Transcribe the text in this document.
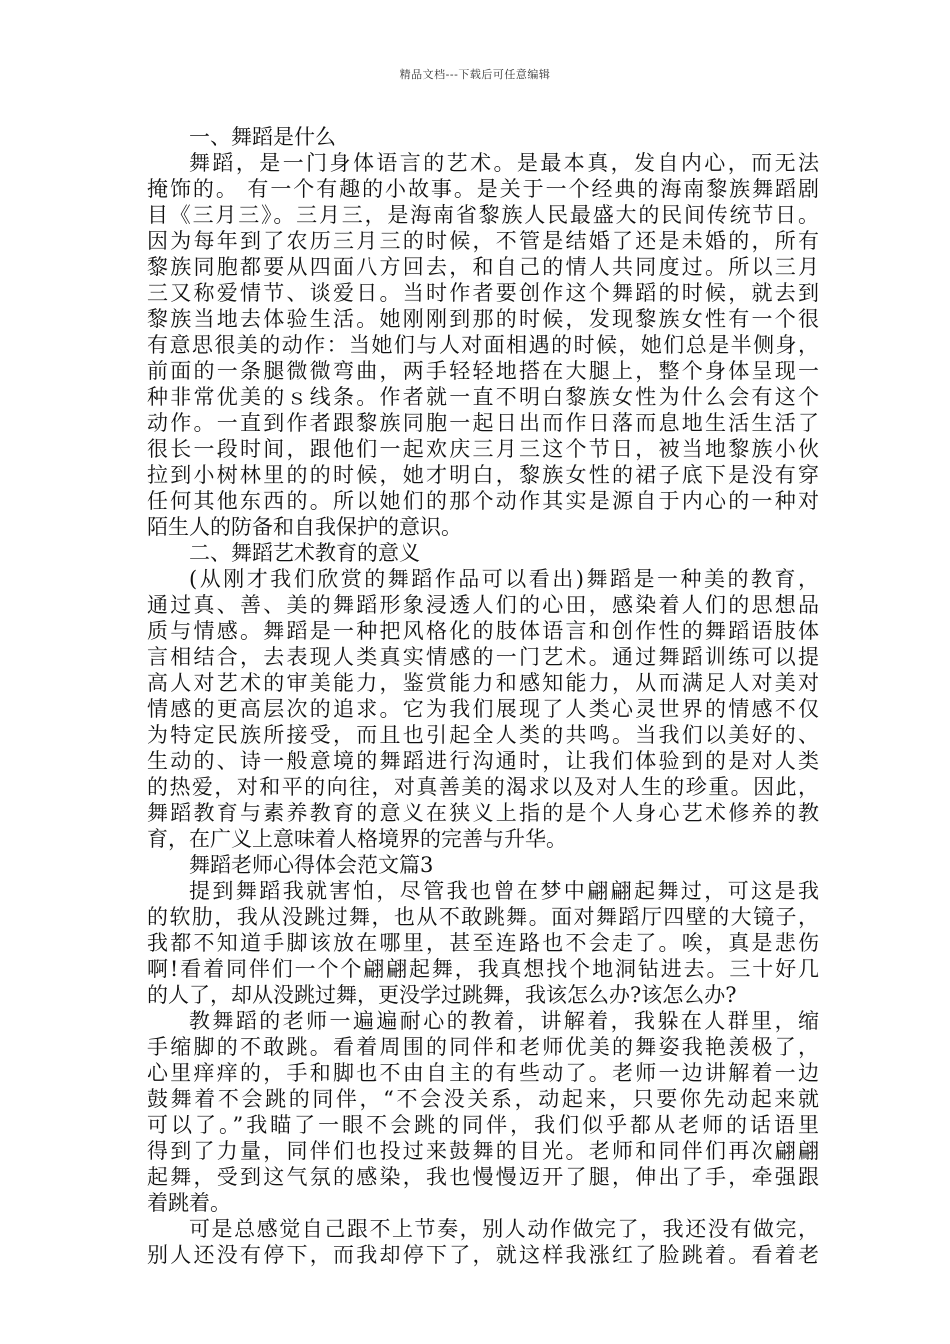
精品文档---下载后可任意编辑
一、舞蹈是什么
舞蹈，是一门身体语言的艺术。是最本真，发自内心，而无法
掩饰的。 有一个有趣的小故事。是关于一个经典的海南黎族舞蹈剧
目《三月三》。三月三，是海南省黎族人民最盛大的民间传统节日。
因为每年到了农历三月三的时候，不管是结婚了还是未婚的，所有
黎族同胞都要从四面八方回去，和自己的情人共同度过。所以三月
三又称爱情节、谈爱日。当时作者要创作这个舞蹈的时候，就去到
黎族当地去体验生活。她刚刚到那的时候，发现黎族女性有一个很
有意思很美的动作：当她们与人对面相遇的时候，她们总是半侧身，
前面的一条腿微微弯曲，两手轻轻地搭在大腿上，整个身体呈现一
种非常优美的ｓ线条。作者就一直不明白黎族女性为什么会有这个
动作。一直到作者跟黎族同胞一起日出而作日落而息地生活生活了
很长一段时间，跟他们一起欢庆三月三这个节日，被当地黎族小伙
拉到小树林里的的时候，她才明白，黎族女性的裙子底下是没有穿
任何其他东西的。所以她们的那个动作其实是源自于内心的一种对
陌生人的防备和自我保护的意识。
二、舞蹈艺术教育的意义
(从刚才我们欣赏的舞蹈作品可以看出)舞蹈是一种美的教育，
通过真、善、美的舞蹈形象浸透人们的心田，感染着人们的思想品
质与情感。舞蹈是一种把风格化的肢体语言和创作性的舞蹈语肢体
言相结合，去表现人类真实情感的一门艺术。通过舞蹈训练可以提
高人对艺术的审美能力，鉴赏能力和感知能力，从而满足人对美对
情感的更高层次的追求。它为我们展现了人类心灵世界的情感不仅
为特定民族所接受，而且也引起全人类的共鸣。当我们以美好的、
生动的、诗一般意境的舞蹈进行沟通时，让我们体验到的是对人类
的热爱，对和平的向往，对真善美的渴求以及对人生的珍重。因此，
舞蹈教育与素养教育的意义在狭义上指的是个人身心艺术修养的教
育，在广义上意味着人格境界的完善与升华。
舞蹈老师心得体会范文篇3
提到舞蹈我就害怕，尽管我也曾在梦中翩翩起舞过，可这是我
的软肋，我从没跳过舞，也从不敢跳舞。面对舞蹈厅四壁的大镜子，
我都不知道手脚该放在哪里，甚至连路也不会走了。唉，真是悲伤
啊!看着同伴们一个个翩翩起舞，我真想找个地洞钻进去。三十好几
的人了，却从没跳过舞，更没学过跳舞，我该怎么办?该怎么办?
教舞蹈的老师一遍遍耐心的教着，讲解着，我躲在人群里，缩
手缩脚的不敢跳。看着周围的同伴和老师优美的舞姿我艳羡极了，
心里痒痒的，手和脚也不由自主的有些动了。老师一边讲解着一边
鼓舞着不会跳的同伴，“不会没关系，动起来，只要你先动起来就
可以了。”我瞄了一眼不会跳的同伴，我们似乎都从老师的话语里
得到了力量，同伴们也投过来鼓舞的目光。老师和同伴们再次翩翩
起舞，受到这气氛的感染，我也慢慢迈开了腿，伸出了手，牵强跟
着跳着。
可是总感觉自己跟不上节奏，别人动作做完了，我还没有做完，
别人还没有停下，而我却停下了，就这样我涨红了脸跳着。看着老
